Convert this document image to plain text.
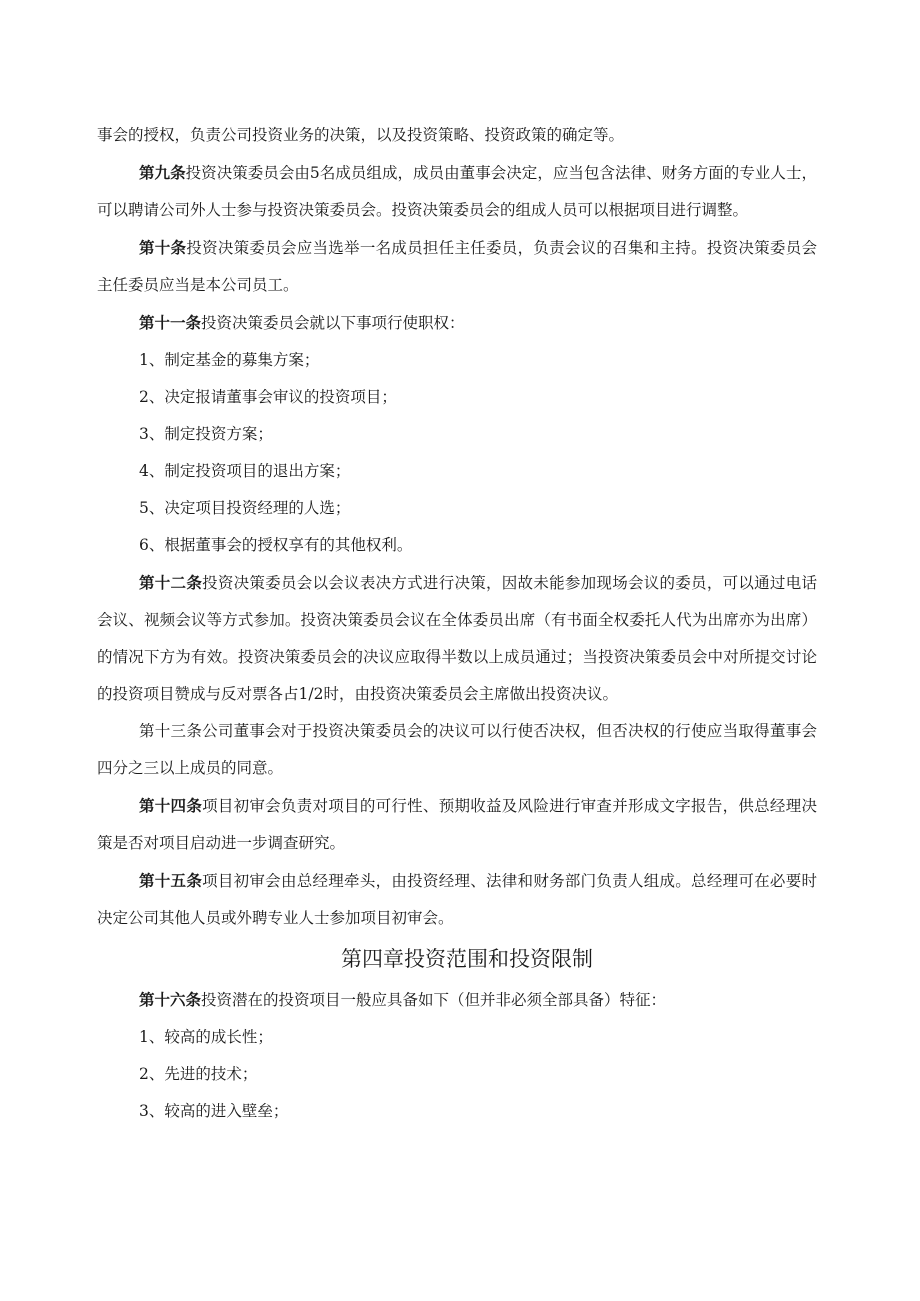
事会的授权，负责公司投资业务的决策，以及投资策略、投资政策的确定等。

第九条投资决策委员会由5名成员组成，成员由董事会决定，应当包含法律、财务方面的专业人士，可以聘请公司外人士参与投资决策委员会。投资决策委员会的组成人员可以根据项目进行调整。

第十条投资决策委员会应当选举一名成员担任主任委员，负责会议的召集和主持。投资决策委员会主任委员应当是本公司员工。

第十一条投资决策委员会就以下事项行使职权：

1、制定基金的募集方案；

2、决定报请董事会审议的投资项目；

3、制定投资方案；

4、制定投资项目的退出方案；

5、决定项目投资经理的人选；

6、根据董事会的授权享有的其他权利。

第十二条投资决策委员会以会议表决方式进行决策，因故未能参加现场会议的委员，可以通过电话会议、视频会议等方式参加。投资决策委员会议在全体委员出席（有书面全权委托人代为出席亦为出席）的情况下方为有效。投资决策委员会的决议应取得半数以上成员通过；当投资决策委员会中对所提交讨论的投资项目赞成与反对票各占1/2时，由投资决策委员会主席做出投资决议。

第十三条公司董事会对于投资决策委员会的决议可以行使否决权，但否决权的行使应当取得董事会四分之三以上成员的同意。

第十四条项目初审会负责对项目的可行性、预期收益及风险进行审查并形成文字报告，供总经理决策是否对项目启动进一步调查研究。

第十五条项目初审会由总经理牵头，由投资经理、法律和财务部门负责人组成。总经理可在必要时决定公司其他人员或外聘专业人士参加项目初审会。

第四章投资范围和投资限制

第十六条投资潜在的投资项目一般应具备如下（但并非必须全部具备）特征：

1、较高的成长性；

2、先进的技术；

3、较高的进入壁垒；
